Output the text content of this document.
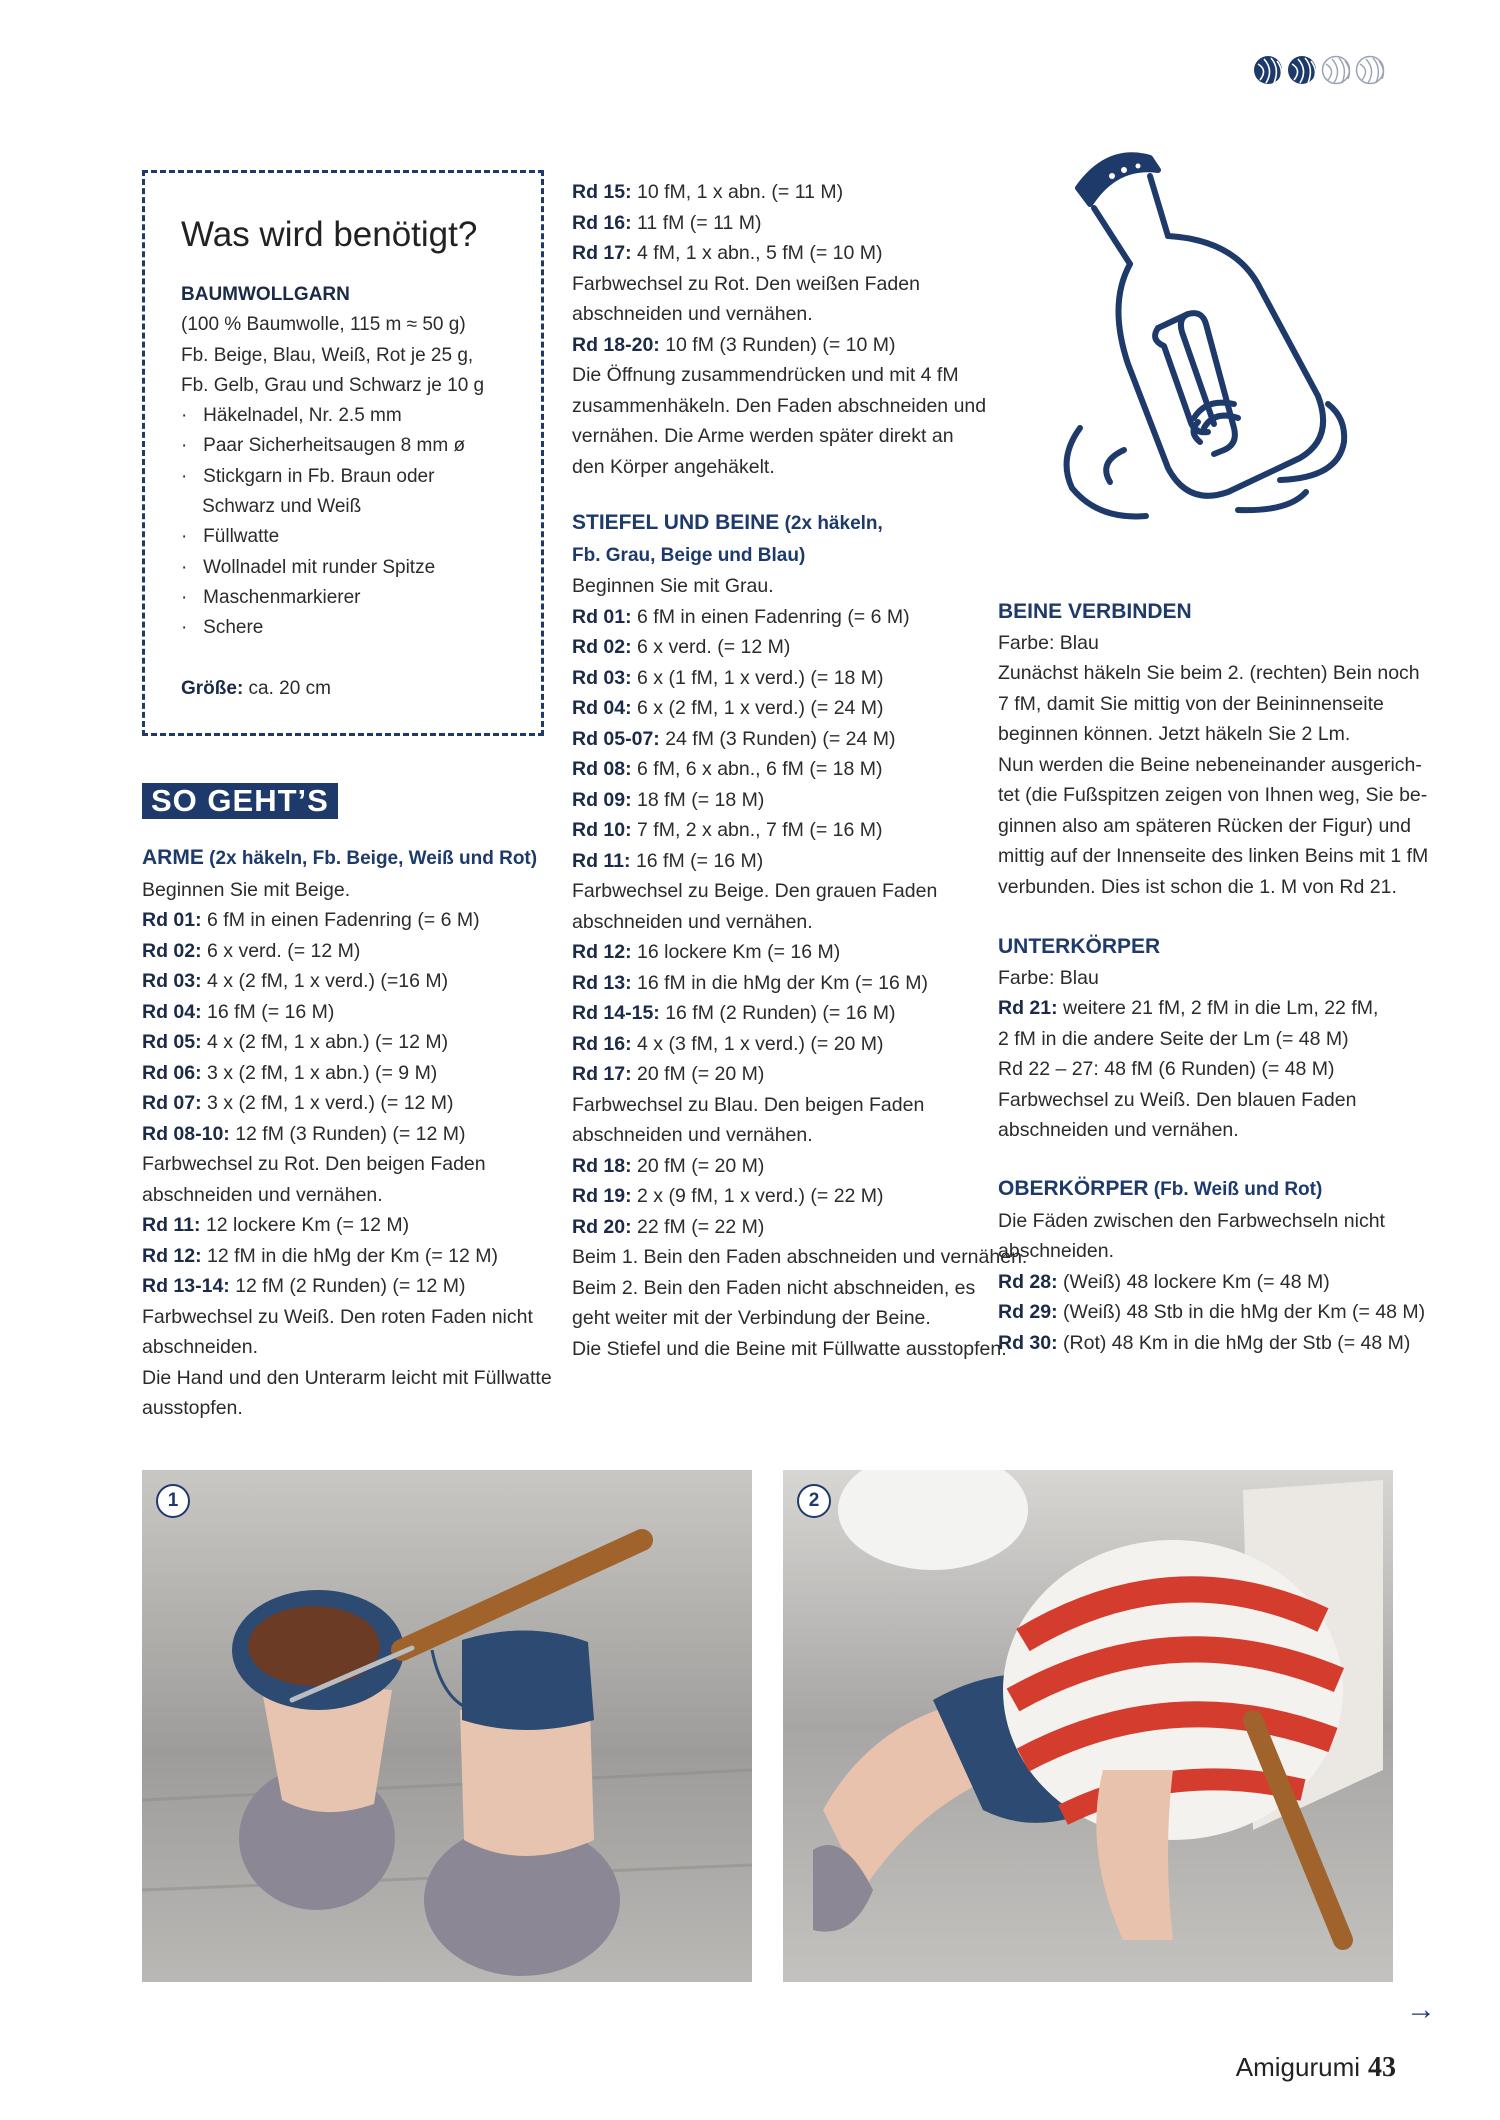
Was wird benötigt?

BAUMWOLLGARN

(100 % Baumwolle, 115 m ≈ 50 g)

Fb. Beige, Blau, Weiß, Rot je 25 g,

Fb. Gelb, Grau und Schwarz je 10 g

·   Häkelnadel, Nr. 2.5 mm

·   Paar Sicherheitsaugen 8 mm ø

·   Stickgarn in Fb. Braun oder

Schwarz und Weiß

·   Füllwatte

·   Wollnadel mit runder Spitze

·   Maschenmarkierer

·   Schere

Größe: ca. 20 cm

SO GEHT’S

ARME (2x häkeln, Fb. Beige, Weiß und Rot)

Beginnen Sie mit Beige.

Rd 01: 6 fM in einen Fadenring (= 6 M)

Rd 02: 6 x verd. (= 12 M)

Rd 03: 4 x (2 fM, 1 x verd.) (=16 M)

Rd 04: 16 fM (= 16 M)

Rd 05: 4 x (2 fM, 1 x abn.) (= 12 M)

Rd 06: 3 x (2 fM, 1 x abn.) (= 9 M)

Rd 07: 3 x (2 fM, 1 x verd.) (= 12 M)

Rd 08-10: 12 fM (3 Runden) (= 12 M)

Farbwechsel zu Rot. Den beigen Faden

abschneiden und vernähen.

Rd 11: 12 lockere Km (= 12 M)

Rd 12: 12 fM in die hMg der Km (= 12 M)

Rd 13-14: 12 fM (2 Runden) (= 12 M)

Farbwechsel zu Weiß. Den roten Faden nicht

abschneiden.

Die Hand und den Unterarm leicht mit Füllwatte

ausstopfen.

Rd 15: 10 fM, 1 x abn. (= 11 M)

Rd 16: 11 fM (= 11 M)

Rd 17: 4 fM, 1 x abn., 5 fM (= 10 M)

Farbwechsel zu Rot. Den weißen Faden

abschneiden und vernähen.

Rd 18-20: 10 fM (3 Runden) (= 10 M)

Die Öffnung zusammendrücken und mit 4 fM

zusammenhäkeln. Den Faden abschneiden und

vernähen. Die Arme werden später direkt an

den Körper angehäkelt.

STIEFEL UND BEINE (2x häkeln,

Fb. Grau, Beige und Blau)

Beginnen Sie mit Grau.

Rd 01: 6 fM in einen Fadenring (= 6 M)

Rd 02: 6 x verd. (= 12 M)

Rd 03: 6 x (1 fM, 1 x verd.) (= 18 M)

Rd 04: 6 x (2 fM, 1 x verd.) (= 24 M)

Rd 05-07: 24 fM (3 Runden) (= 24 M)

Rd 08: 6 fM, 6 x abn., 6 fM (= 18 M)

Rd 09: 18 fM (= 18 M)

Rd 10: 7 fM, 2 x abn., 7 fM (= 16 M)

Rd 11: 16 fM (= 16 M)

Farbwechsel zu Beige. Den grauen Faden

abschneiden und vernähen.

Rd 12: 16 lockere Km (= 16 M)

Rd 13: 16 fM in die hMg der Km (= 16 M)

Rd 14-15: 16 fM (2 Runden) (= 16 M)

Rd 16: 4 x (3 fM, 1 x verd.) (= 20 M)

Rd 17: 20 fM (= 20 M)

Farbwechsel zu Blau. Den beigen Faden

abschneiden und vernähen.

Rd 18: 20 fM (= 20 M)

Rd 19: 2 x (9 fM, 1 x verd.) (= 22 M)

Rd 20: 22 fM (= 22 M)

Beim 1. Bein den Faden abschneiden und vernähen.

Beim 2. Bein den Faden nicht abschneiden, es

geht weiter mit der Verbindung der Beine.

Die Stiefel und die Beine mit Füllwatte ausstopfen.

BEINE VERBINDEN

Farbe: Blau

Zunächst häkeln Sie beim 2. (rechten) Bein noch

7 fM, damit Sie mittig von der Beininnenseite

beginnen können. Jetzt häkeln Sie 2 Lm.

Nun werden die Beine nebeneinander ausgerich-

tet (die Fußspitzen zeigen von Ihnen weg, Sie be-

ginnen also am späteren Rücken der Figur) und

mittig auf der Innenseite des linken Beins mit 1 fM

verbunden. Dies ist schon die 1. M von Rd 21.

UNTERKÖRPER

Farbe: Blau

Rd 21: weitere 21 fM, 2 fM in die Lm, 22 fM,

2 fM in die andere Seite der Lm (= 48 M)

Rd 22 – 27: 48 fM (6 Runden) (= 48 M)

Farbwechsel zu Weiß. Den blauen Faden

abschneiden und vernähen.

OBERKÖRPER (Fb. Weiß und Rot)

Die Fäden zwischen den Farbwechseln nicht

abschneiden.

Rd 28: (Weiß) 48 lockere Km (= 48 M)

Rd 29: (Weiß) 48 Stb in die hMg der Km (= 48 M)

Rd 30: (Rot) 48 Km in die hMg der Stb (= 48 M)

1	2
→
Amigurumi 43
